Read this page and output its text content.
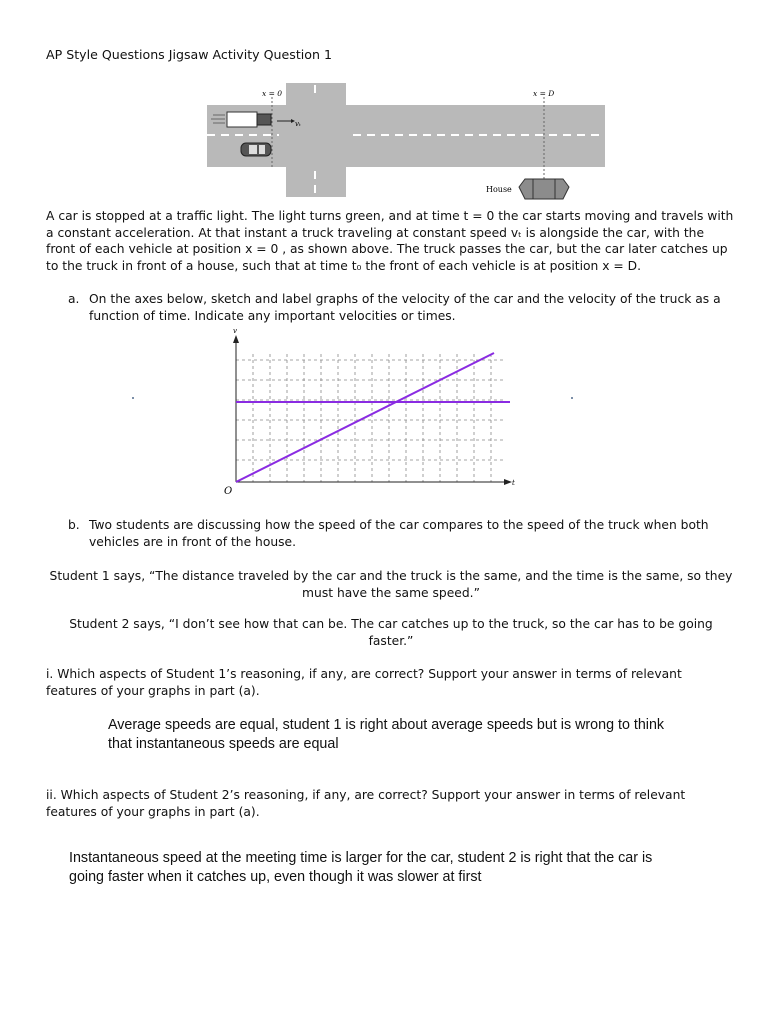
AP Style Questions Jigsaw Activity Question 1
x = 0	x = D
vₜ
House
A car is stopped at a traffic light. The light turns green, and at time t = 0 the car starts moving and travels with a constant acceleration. At that instant a truck traveling at constant speed vₜ is alongside the car, with the front of each vehicle at position x = 0 , as shown above. The truck passes the car, but the car later catches up to the truck in front of a house, such that at time t₀ the front of each vehicle is at position x = D.
a. On the axes below, sketch and label graphs of the velocity of the car and the velocity of the truck as a function of time. Indicate any important velocities or times.
v
t
O
b. Two students are discussing how the speed of the car compares to the speed of the truck when both vehicles are in front of the house.
Student 1 says, “The distance traveled by the car and the truck is the same, and the time is the same, so they must have the same speed.”
Student 2 says, “I don’t see how that can be. The car catches up to the truck, so the car has to be going faster.”
i. Which aspects of Student 1’s reasoning, if any, are correct? Support your answer in terms of relevant features of your graphs in part (a).
Average speeds are equal, student 1 is right about average speeds but is wrong to think that instantaneous speeds are equal
ii. Which aspects of Student 2’s reasoning, if any, are correct? Support your answer in terms of relevant features of your graphs in part (a).
Instantaneous speed at the meeting time is larger for the car, student 2 is right that the car is going faster when it catches up, even though it was slower at first
